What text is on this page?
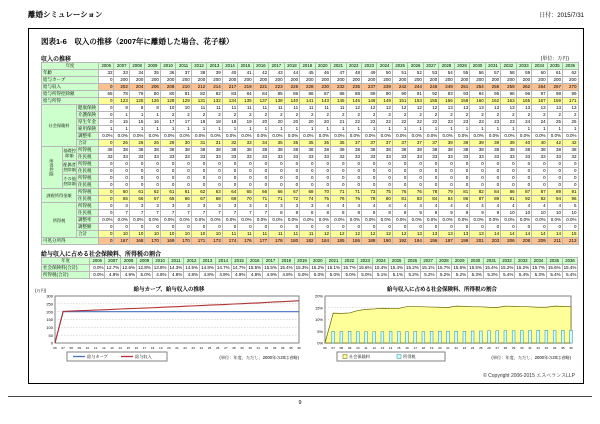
離婚シミュレーション	日付：2015/7/31
図表1-6　収入の推移（2007年に離婚した場合、花子様）
収入の推移	(単位：万円)
年度			2006	2007	2008	2009	2010	2011	2012	2013	2014	2015	2016	2017	2018	2019	2020	2021	2022	2023	2024	2025	2026	2027	2028	2029	2030	2031	2032	2033	2034	2035	2036
年齢			32	33	34	35	36	37	38	39	40	41	42	43	44	45	46	47	48	49	50	51	52	53	54	55	56	57	58	59	60	61	62
給与カーブ			0	200	200	200	200	200	200	200	200	200	200	200	200	200	200	200	200	200	200	200	200	200	200	200	200	200	200	200	200	200	200
給与収入			0	202	204	206	208	210	212	214	217	219	221	223	225	228	230	232	235	237	239	242	244	246	249	251	254	256	259	262	264	267	270
給与所得控除額			65	78	79	80	80	81	82	82	83	84	84	85	86	86	87	88	88	89	90	90	91	92	93	93	94	95	96	96	97	98	99
給与所得			0	123	125	126	128	129	131	132	134	135	137	138	140	141	143	145	146	148	149	151	153	155	156	158	160	162	163	165	167	169	171
社会保険料		健康保険	0	8	8	8	10	10	11	11	11	11	11	11	11	11	11	11	12	12	12	12	12	12	13	13	13	13	13	13	13	13	13
		介護保険	0	1	1	1	2	2	2	2	2	2	2	2	2	2	2	2	2	2	2	2	2	2	2	2	2	2	2	2	2	2	2
		厚生年金	0	15	15	16	17	17	18	18	18	19	20	20	20	20	20	21	22	22	22	22	22	22	23	23	23	23	23	24	24	25	25
		雇用保険	1	1	1	1	1	1	1	1	1	1	1	1	1	1	1	1	1	1	1	1	1	1	1	1	1	1	1	1	1	1	1
		調整率	0.0%	0.0%	0.0%	0.0%	0.0%	0.0%	0.0%	0.0%	0.0%	0.0%	0.0%	0.0%	0.0%	0.0%	0.0%	0.0%	0.0%	0.0%	0.0%	0.0%	0.0%	0.0%	0.0%	0.0%	0.0%	0.0%	0.0%	0.0%	0.0%	0.0%	0.0%
		合計	0	26	26	26	29	30	31	31	32	33	34	35	35	35	35	35	37	37	37	37	37	37	39	39	39	39	39	40	40	42	42
所得控除	基礎控除額	所得税	38	38	38	38	38	38	38	38	38	38	38	38	38	38	38	38	38	38	38	38	38	38	38	38	38	38	38	38	38	38	38
		住民税	33	33	33	33	33	33	33	33	33	33	33	33	33	33	33	33	33	33	33	33	33	33	33	33	33	33	33	33	33	33	33
	配偶者控除額	所得税	0	0	0	0	0	0	0	0	0	0	0	0	0	0	0	0	0	0	0	0	0	0	0	0	0	0	0	0	0	0	0
		住民税	0	0	0	0	0	0	0	0	0	0	0	0	0	0	0	0	0	0	0	0	0	0	0	0	0	0	0	0	0	0	0
	その他控除額	所得税	0	0	0	0	0	0	0	0	0	0	0	0	0	0	0	0	0	0	0	0	0	0	0	0	0	0	0	0	0	0	0
		住民税	0	0	0	0	0	0	0	0	0	0	0	0	0	0	0	0	0	0	0	0	0	0	0	0	0	0	0	0	0	0	0
課税所得金額		所得税	0	60	61	62	61	61	62	63	64	65	66	66	67	68	70	71	71	73	75	76	76	78	79	81	82	84	86	87	87	89	91
		住民税	0	65	66	67	65	66	67	68	69	70	71	71	72	74	75	76	76	78	80	81	83	84	84	86	87	89	91	92	92	94	96
所得税		所得税	0	3	3	3	3	3	3	3	3	3	3	3	3	3	4	4	4	4	4	4	4	4	4	4	4	4	4	4	4	4	5
		住民税	0	7	7	7	7	7	7	7	7	7	7	8	8	8	8	8	8	8	8	9	9	9	9	9	9	9	10	10	10	10	10
		調整率	0.0%	0.0%	0.0%	0.0%	0.0%	0.0%	0.0%	0.0%	0.0%	0.0%	0.0%	0.0%	0.0%	0.0%	0.0%	0.0%	0.0%	0.0%	0.0%	0.0%	0.0%	0.0%	0.0%	0.0%	0.0%	0.0%	0.0%	0.0%	0.0%	0.0%	0.0%
		調整額	0	0	0	0	0	0	0	0	0	0	0	0	0	0	0	0	0	0	0	0	0	0	0	0	0	0	0	0	0	0	0
		合計	0	10	10	10	10	10	10	10	11	11	11	11	11	11	12	12	12	12	12	12	13	13	13	13	13	14	14	14	14	14	15
可処分所得			0	167	168	170	169	170	171	173	174	176	177	178	180	182	184	185	186	188	190	192	194	196	197	199	201	203	206	208	209	211	213
給与収入に占める社会保険料、所得税の割合
年度	2006	2007	2008	2009	2010	2011	2012	2013	2014	2015	2016	2017	2018	2019	2020	2021	2022	2023	2024	2025	2026	2027	2028	2029	2030	2031	2032	2033	2034	2035	2036
社会保険料(合計)	0.0%	12.7%	12.6%	12.8%	13.8%	14.3%	14.5%	14.8%	14.7%	14.7%	15.5%	15.5%	15.4%	15.3%	15.2%	15.1%	15.7%	15.6%	15.4%	15.4%	15.2%	15.1%	15.7%	15.6%	15.5%	15.4%	15.2%	15.2%	15.7%	15.6%	15.4%
所得税(合計)	0.0%	4.9%	4.9%	5.0%	4.8%	4.8%	4.8%	4.8%	4.9%	4.9%	4.8%	4.9%	4.8%	5.0%	5.0%	5.0%	5.0%	5.0%	5.1%	5.1%	5.2%	5.2%	5.2%	5.2%	5.3%	5.3%	5.4%	5.4%	5.3%	5.4%	5.4%
給与カーブ、給与収入の推移
0
50
100
150
200
250
300
06 07 08 09 10 11 12 13 14 15 16 17 18 19 20 21 22 23 24 25 26 27 28 29 30 31 32 33 34 35 36
(単位：年度、ただし、2000年の20は省略)
(万円)
給与カーブ	給与収入
給与収入に占める社会保険料、所得税の割合
0%
5%
10%
15%
20%
06 07 08 09 10 11 12 13 14 15 16 17 18 19 20 21 22 23 24 25 26 27 28 29 30 31 32 33 34 35 36
(単位：年度、ただし、2000年の20は省略)
社会保険料	所得税
© Copyright 2006-2015 エスペランスLLP
9
